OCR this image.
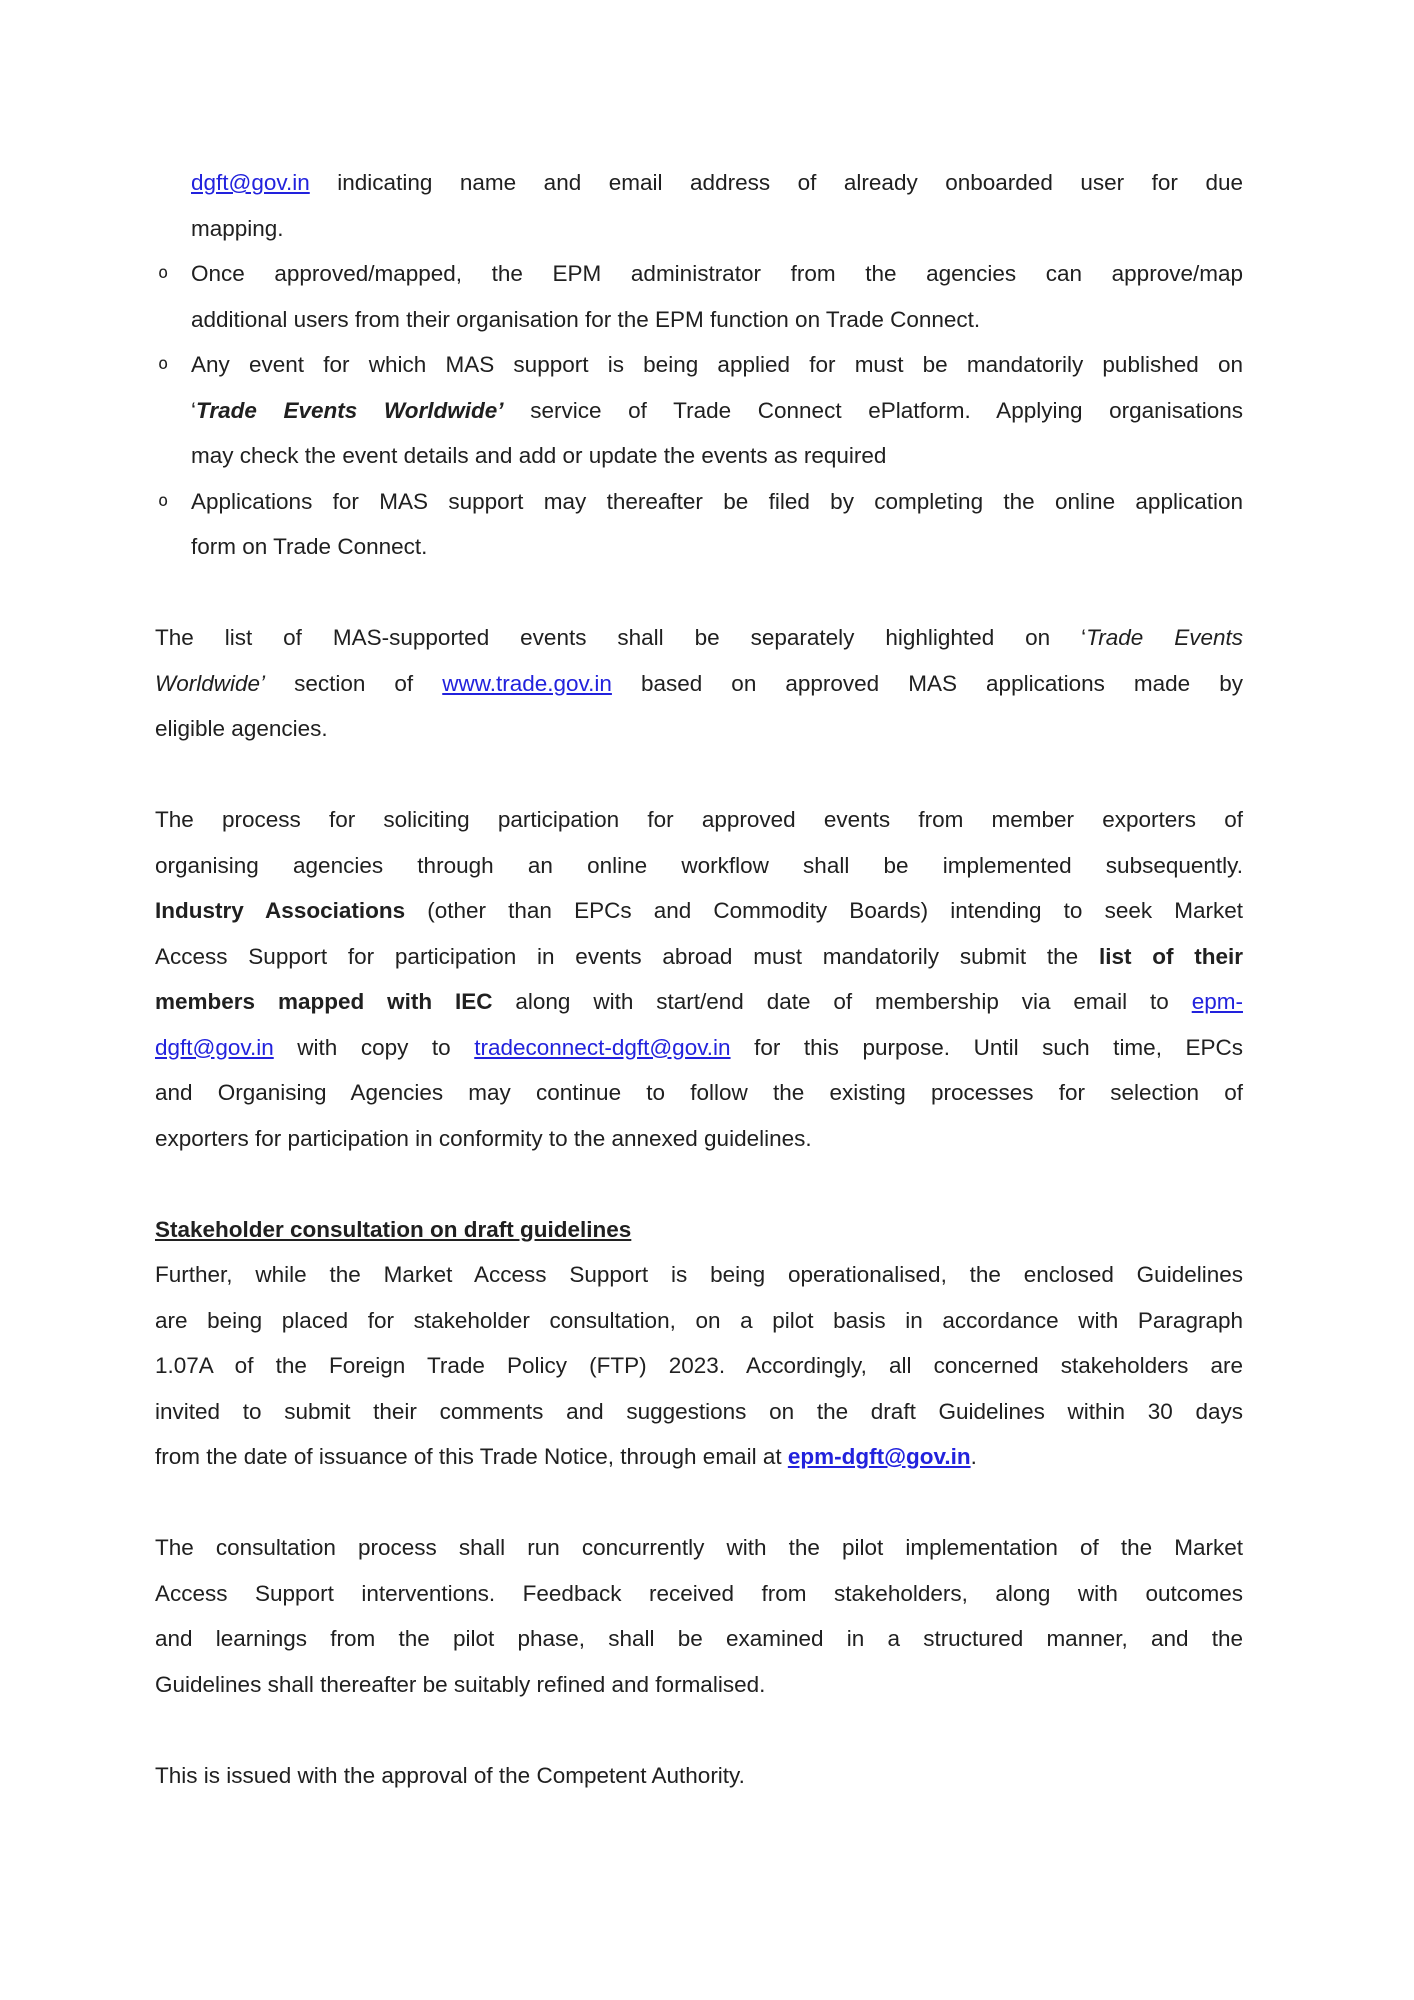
dgft@gov.in indicating name and email address of already onboarded user for due
mapping.
o Once approved/mapped, the EPM administrator from the agencies can approve/map
additional users from their organisation for the EPM function on Trade Connect.
o Any event for which MAS support is being applied for must be mandatorily published on
‘Trade Events Worldwide’ service of Trade Connect ePlatform. Applying organisations
may check the event details and add or update the events as required
o Applications for MAS support may thereafter be filed by completing the online application
form on Trade Connect.
The list of MAS-supported events shall be separately highlighted on ‘Trade Events
Worldwide’ section of www.trade.gov.in based on approved MAS applications made by
eligible agencies.
The process for soliciting participation for approved events from member exporters of
organising agencies through an online workflow shall be implemented subsequently.
Industry Associations (other than EPCs and Commodity Boards) intending to seek Market
Access Support for participation in events abroad must mandatorily submit the list of their
members mapped with IEC along with start/end date of membership via email to epm-
dgft@gov.in with copy to tradeconnect-dgft@gov.in for this purpose. Until such time, EPCs
and Organising Agencies may continue to follow the existing processes for selection of
exporters for participation in conformity to the annexed guidelines.
Stakeholder consultation on draft guidelines
Further, while the Market Access Support is being operationalised, the enclosed Guidelines
are being placed for stakeholder consultation, on a pilot basis in accordance with Paragraph
1.07A of the Foreign Trade Policy (FTP) 2023. Accordingly, all concerned stakeholders are
invited to submit their comments and suggestions on the draft Guidelines within 30 days
from the date of issuance of this Trade Notice, through email at epm-dgft@gov.in.
The consultation process shall run concurrently with the pilot implementation of the Market
Access Support interventions. Feedback received from stakeholders, along with outcomes
and learnings from the pilot phase, shall be examined in a structured manner, and the
Guidelines shall thereafter be suitably refined and formalised.
This is issued with the approval of the Competent Authority.
